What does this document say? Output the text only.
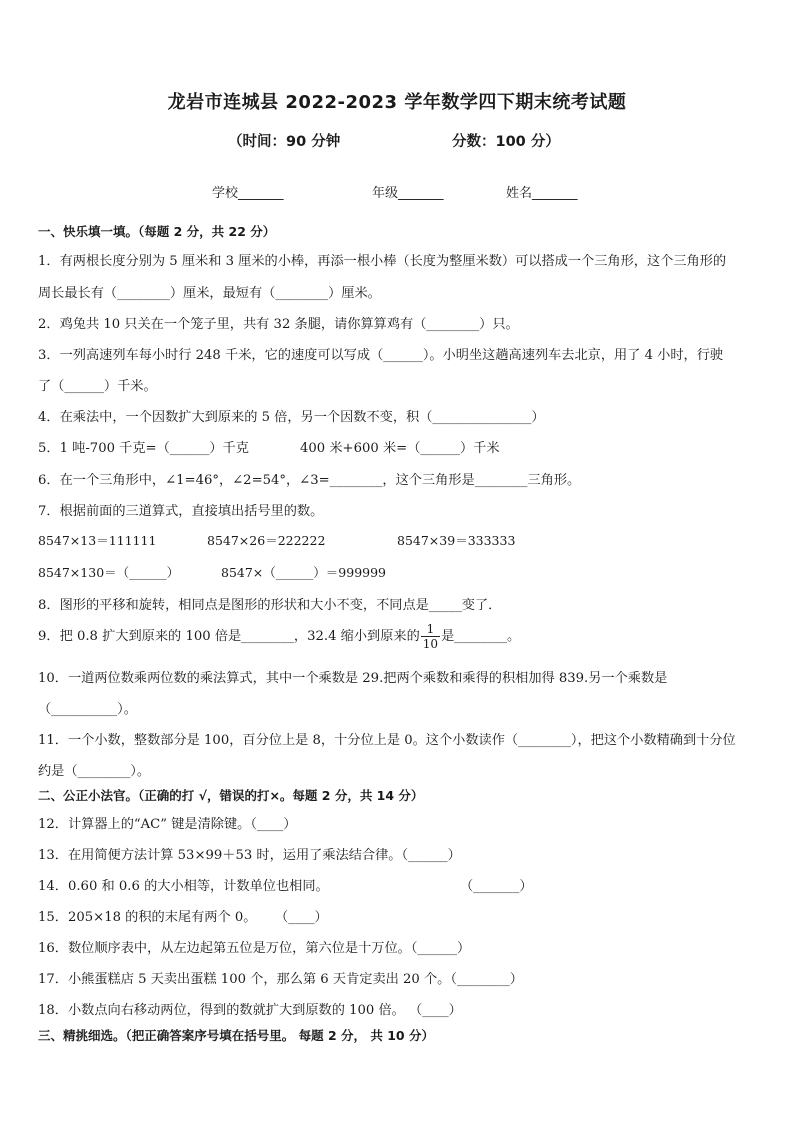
龙岩市连城县 2022-2023 学年数学四下期末统考试题
（时间：90 分钟	分数：100 分）
学校_______	年级_______	姓名_______
一、快乐填一填。（每题 2 分，共 22 分）
1．有两根长度分别为 5 厘米和 3 厘米的小棒，再添一根小棒（长度为整厘米数）可以搭成一个三角形，这个三角形的
周长最长有（________）厘米，最短有（________）厘米。
2．鸡兔共 10 只关在一个笼子里，共有 32 条腿，请你算算鸡有（________）只。
3．一列高速列车每小时行 248 千米，它的速度可以写成（______）。小明坐这趟高速列车去北京，用了 4 小时，行驶
了（______）千米。
4．在乘法中，一个因数扩大到原来的 5 倍，另一个因数不变，积（_______________）
5．1 吨-700 千克=（______）千克	400 米+600 米=（______）千米
6．在一个三角形中，∠1=46°，∠2=54°，∠3=________，这个三角形是________三角形。
7．根据前面的三道算式，直接填出括号里的数。
8547×13＝111111	8547×26＝222222	8547×39＝333333
8547×130＝（______）	8547×（______）＝999999
8．图形的平移和旋转，相同点是图形的形状和大小不变，不同点是_____变了．
9．把 0.8 扩大到原来的 100 倍是________，32.4 缩小到原来的 $\frac{1}{10}$ 是________。
10．一道两位数乘两位数的乘法算式，其中一个乘数是 29.把两个乘数和乘得的积相加得 839.另一个乘数是
（__________）。
11．一个小数，整数部分是 100，百分位上是 8，十分位上是 0。这个小数读作（________），把这个小数精确到十分位
约是（________）。
二、公正小法官。（正确的打 √，错误的打×。每题 2 分，共 14 分）
12．计算器上的“AC” 键是清除键。（____）
13．在用简便方法计算 53×99＋53 时，运用了乘法结合律。（______）
14．0.60 和 0.6 的大小相等，计数单位也相同。	（_______）
15．205×18 的积的末尾有两个 0。 （____）
16．数位顺序表中，从左边起第五位是万位，第六位是十万位。（______）
17．小熊蛋糕店 5 天卖出蛋糕 100 个，那么第 6 天肯定卖出 20 个。（________）
18．小数点向右移动两位，得到的数就扩大到原数的 100 倍。 （____）
三、精挑细选。（把正确答案序号填在括号里。 每题 2 分， 共 10 分）
